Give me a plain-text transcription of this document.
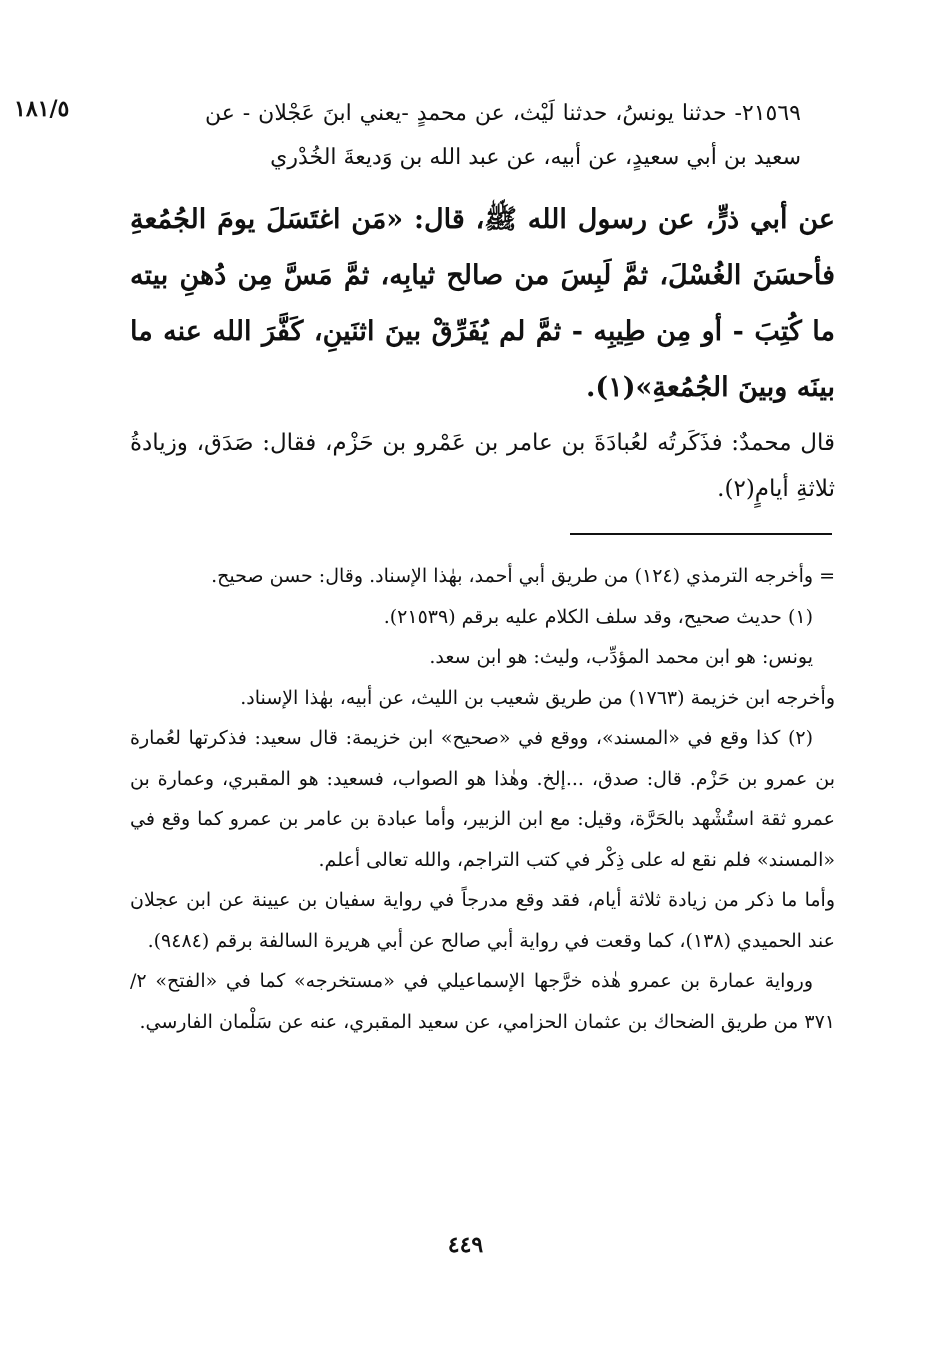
١٨١/٥	٢١٥٦٩- حدثنا يونسُ، حدثنا لَيْث، عن محمدٍ -يعني ابنَ عَجْلان - عن سعيد بن أبي سعيدٍ، عن أبيه، عن عبد الله بن وَديعةَ الخُدْري
عن أبي ذرٍّ، عن رسول الله ﷺ، قال: «مَن اغتَسَلَ يومَ الجُمُعةِ فأحسَنَ الغُسْلَ، ثمَّ لَبِسَ من صالح ثيابِه، ثمَّ مَسَّ مِن دُهنِ بيته ما كُتِبَ - أو مِن طِيبِه - ثمَّ لم يُفَرِّقْ بينَ اثنَينِ، كَفَّرَ الله عنه ما بينَه وبينَ الجُمُعةِ»(١).
قال محمدٌ: فذَكَرتُه لعُبادَةَ بن عامر بن عَمْرو بن حَزْم، فقال: صَدَق، وزيادةُ ثلاثةِ أيامٍ(٢).

= وأخرجه الترمذي (١٢٤) من طريق أبي أحمد، بهٰذا الإسناد. وقال: حسن صحيح.

(١) حديث صحيح، وقد سلف الكلام عليه برقم (٢١٥٣٩).

يونس: هو ابن محمد المؤدِّب، وليث: هو ابن سعد.

وأخرجه ابن خزيمة (١٧٦٣) من طريق شعيب بن الليث، عن أبيه، بهٰذا الإسناد.

(٢) كذا وقع في «المسند»، ووقع في «صحيح» ابن خزيمة: قال سعيد: فذكرتها لعُمارة بن عمرو بن حَزْم. قال: صدق، ...إلخ. وهٰذا هو الصواب، فسعيد: هو المقبري، وعمارة بن عمرو ثقة استُشْهد بالحَرَّة، وقيل: مع ابن الزبير، وأما عبادة بن عامر بن عمرو كما وقع في «المسند» فلم نقع له على ذِكْر في كتب التراجم، والله تعالى أعلم.

وأما ما ذكر من زيادة ثلاثة أيام، فقد وقع مدرجاً في رواية سفيان بن عيينة عن ابن عجلان عند الحميدي (١٣٨)، كما وقعت في رواية أبي صالح عن أبي هريرة السالفة برقم (٩٤٨٤).

ورواية عمارة بن عمرو هٰذه خرَّجها الإسماعيلي في «مستخرجه» كما في «الفتح» ٢/ ٣٧١ من طريق الضحاك بن عثمان الحزامي، عن سعيد المقبري، عنه عن سَلْمان الفارسي.

٤٤٩
